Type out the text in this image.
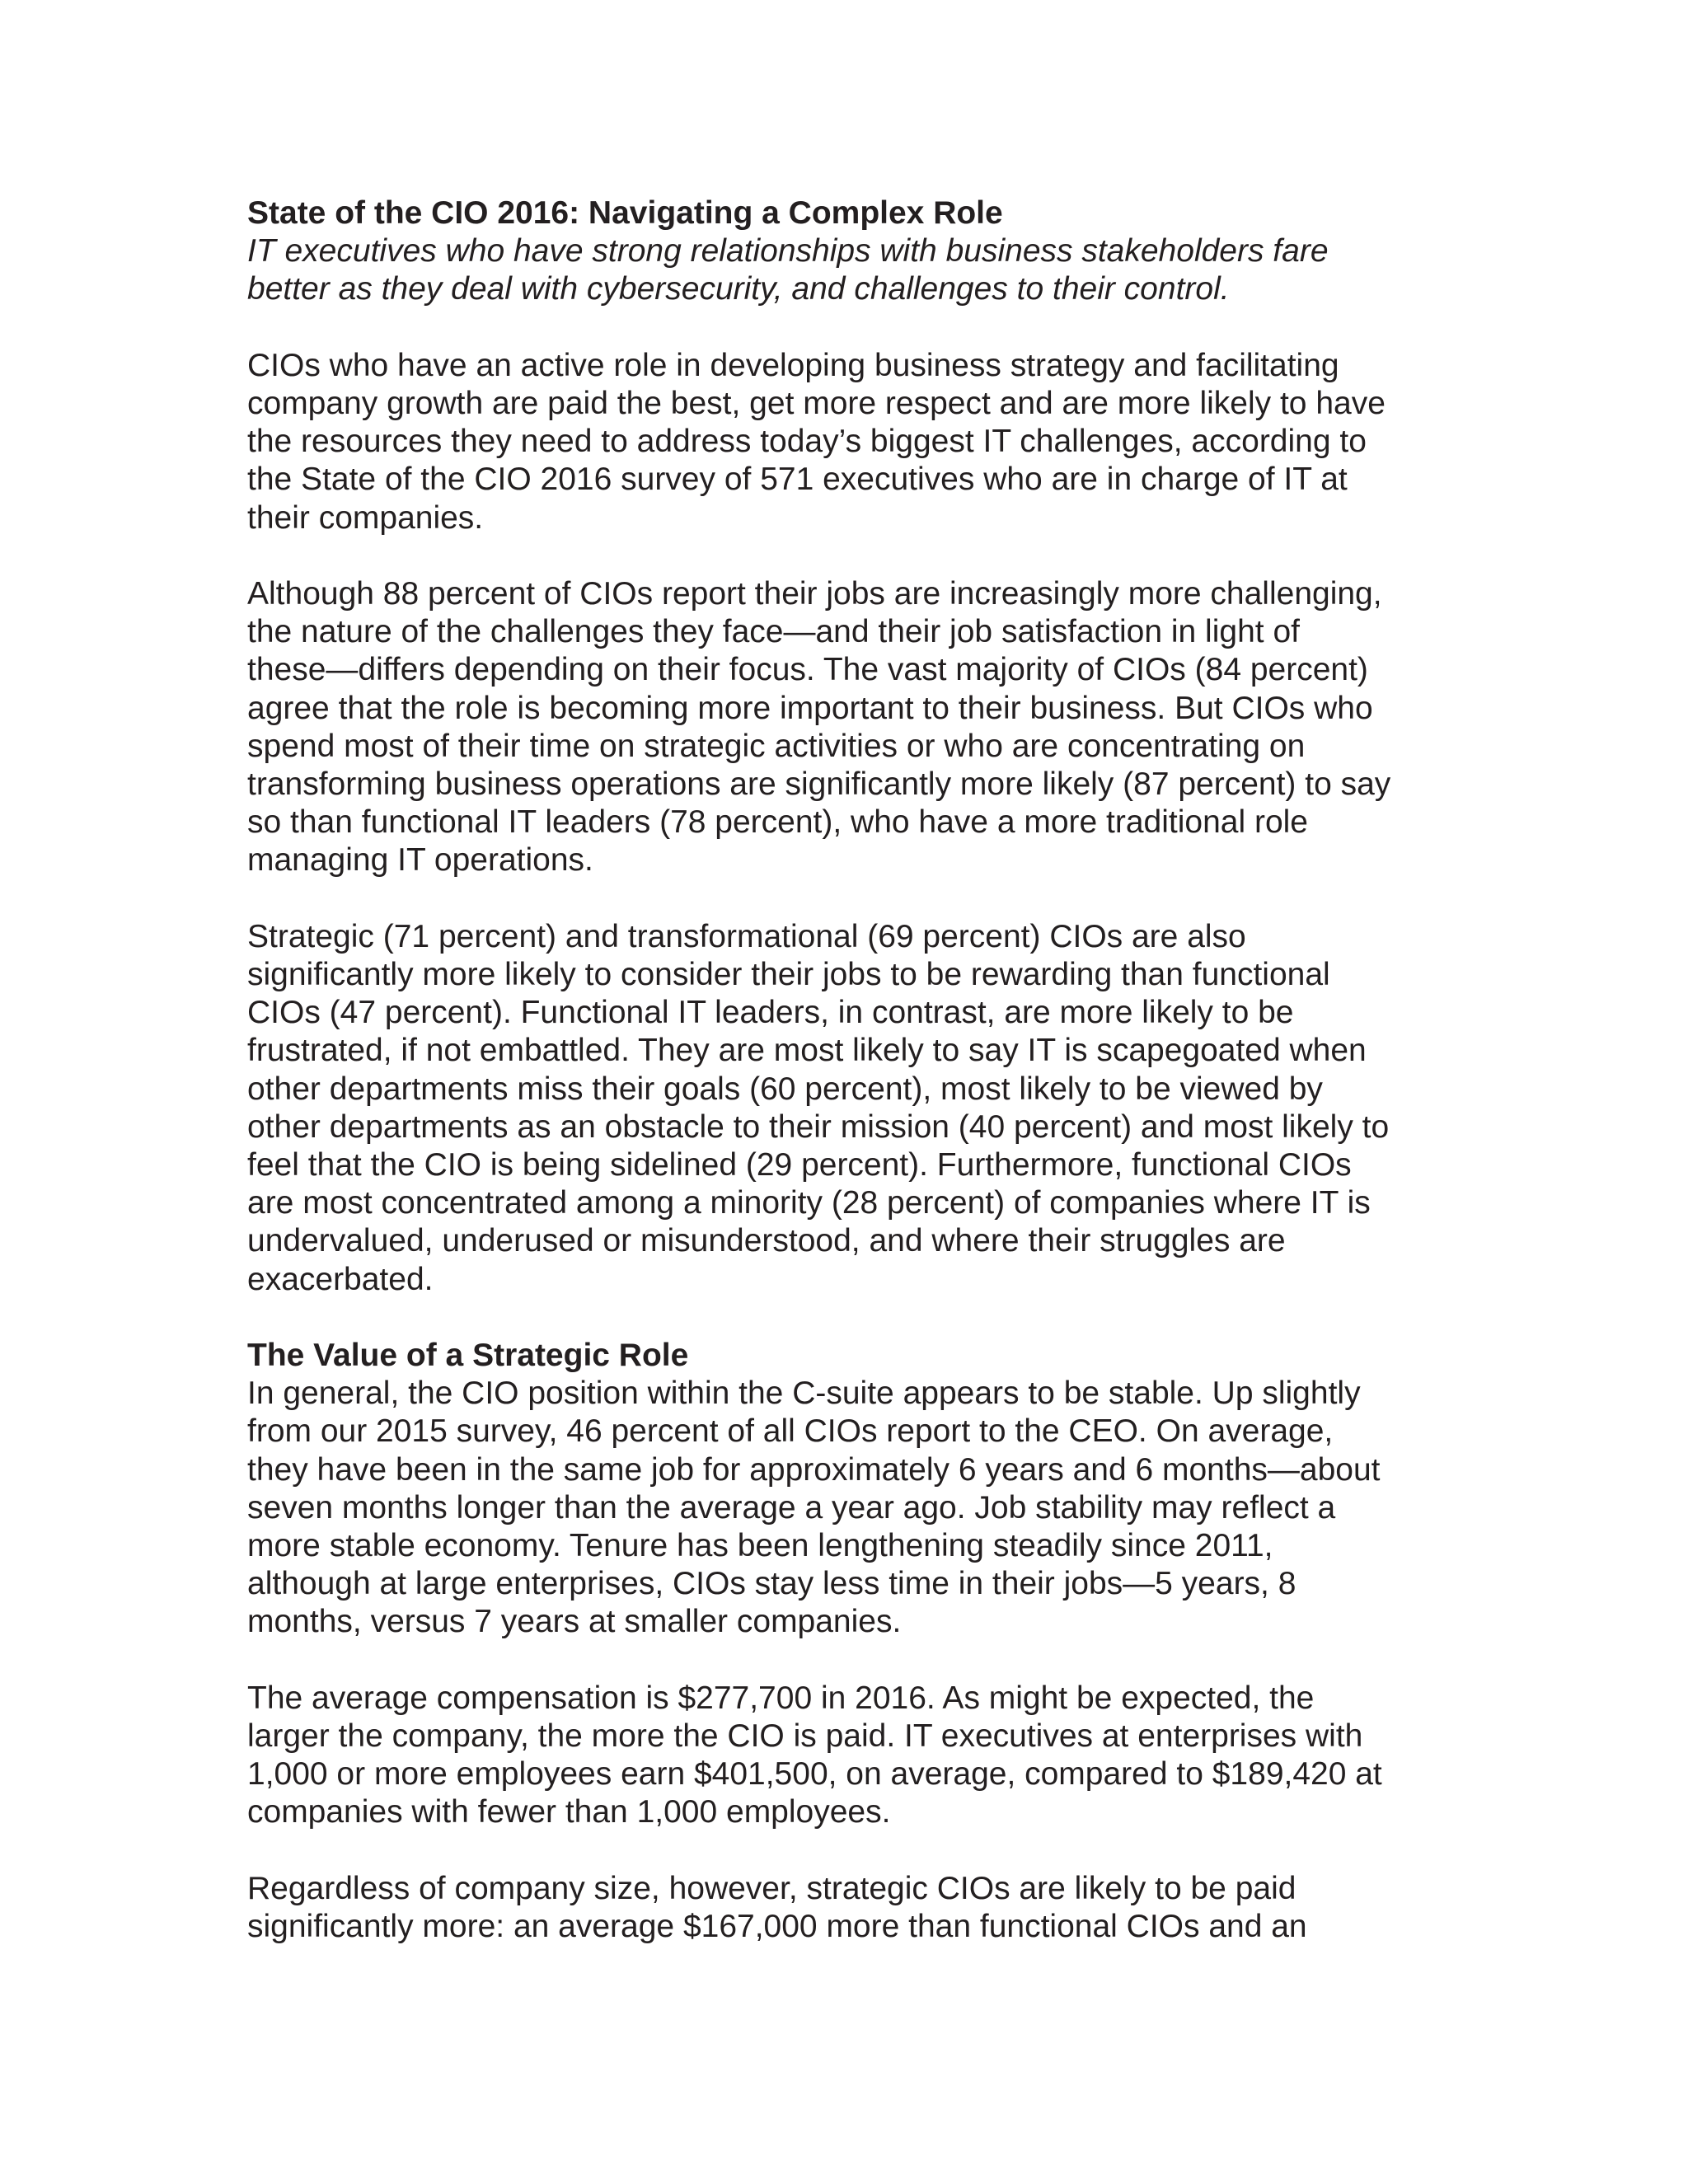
State of the CIO 2016: Navigating a Complex Role

IT executives who have strong relationships with business stakeholders fare
better as they deal with cybersecurity, and challenges to their control.

CIOs who have an active role in developing business strategy and facilitating
company growth are paid the best, get more respect and are more likely to have
the resources they need to address today’s biggest IT challenges, according to
the State of the CIO 2016 survey of 571 executives who are in charge of IT at
their companies.

Although 88 percent of CIOs report their jobs are increasingly more challenging,
the nature of the challenges they face—and their job satisfaction in light of
these—differs depending on their focus. The vast majority of CIOs (84 percent)
agree that the role is becoming more important to their business. But CIOs who
spend most of their time on strategic activities or who are concentrating on
transforming business operations are significantly more likely (87 percent) to say
so than functional IT leaders (78 percent), who have a more traditional role
managing IT operations.

Strategic (71 percent) and transformational (69 percent) CIOs are also
significantly more likely to consider their jobs to be rewarding than functional
CIOs (47 percent). Functional IT leaders, in contrast, are more likely to be
frustrated, if not embattled. They are most likely to say IT is scapegoated when
other departments miss their goals (60 percent), most likely to be viewed by
other departments as an obstacle to their mission (40 percent) and most likely to
feel that the CIO is being sidelined (29 percent). Furthermore, functional CIOs
are most concentrated among a minority (28 percent) of companies where IT is
undervalued, underused or misunderstood, and where their struggles are
exacerbated.

The Value of a Strategic Role

In general, the CIO position within the C-suite appears to be stable. Up slightly
from our 2015 survey, 46 percent of all CIOs report to the CEO. On average,
they have been in the same job for approximately 6 years and 6 months—about
seven months longer than the average a year ago. Job stability may reflect a
more stable economy. Tenure has been lengthening steadily since 2011,
although at large enterprises, CIOs stay less time in their jobs—5 years, 8
months, versus 7 years at smaller companies.

The average compensation is $277,700 in 2016. As might be expected, the
larger the company, the more the CIO is paid. IT executives at enterprises with
1,000 or more employees earn $401,500, on average, compared to $189,420 at
companies with fewer than 1,000 employees.

Regardless of company size, however, strategic CIOs are likely to be paid
significantly more: an average $167,000 more than functional CIOs and an
